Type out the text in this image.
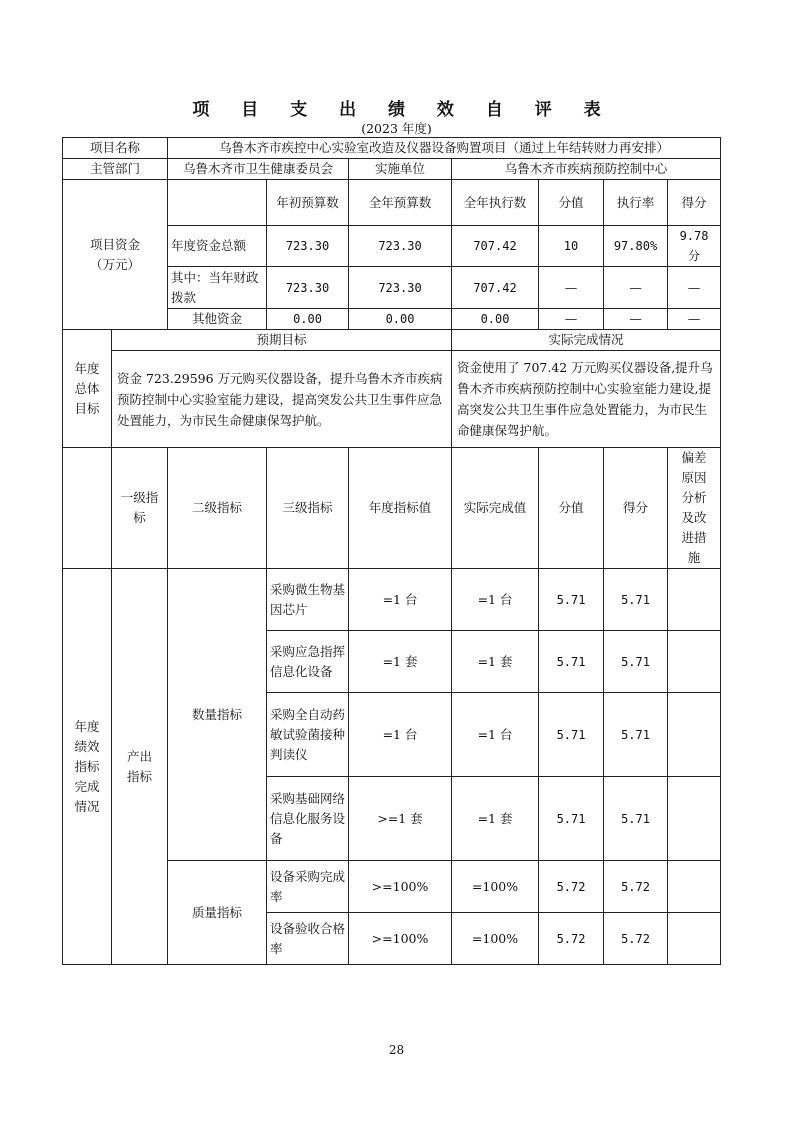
项 目 支 出 绩 效 自 评 表
(2023 年度)
项目名称		乌鲁木齐市疾控中心实验室改造及仪器设备购置项目（通过上年结转财力再安排）						
主管部门		乌鲁木齐市卫生健康委员会		实施单位	乌鲁木齐市疾病预防控制中心			
项目资金
（万元）			年初预算数	全年预算数	全年执行数	分值	执行率	得分
		年度资金总额	723.30	723.30	707.42	10	97.80%	9.78 分
		其中：当年财政拨款	723.30	723.30	707.42	—	—	—
		其他资金	0.00	0.00	0.00	—	—	—
年度总体目标	预期目标				实际完成情况			
	资金 723.29596 万元购买仪器设备，提升乌鲁木齐市疾病预防控制中心实验室能力建设，提高突发公共卫生事件应急处置能力，为市民生命健康保驾护航。				资金使用了 707.42 万元购买仪器设备,提升乌鲁木齐市疾病预防控制中心实验室能力建设,提高突发公共卫生事件应急处置能力，为市民生命健康保驾护航。			
	一级指标	二级指标	三级指标	年度指标值	实际完成值	分值	得分	偏差原因分析及改进措施
年度绩效指标完成情况	产出指标	数量指标	采购微生物基因芯片	=1 台	=1 台	5.71	5.71	
			采购应急指挥信息化设备	=1 套	=1 套	5.71	5.71	
			采购全自动药敏试验菌接种判读仪	=1 台	=1 台	5.71	5.71	
			采购基础网络信息化服务设备	>=1 套	=1 套	5.71	5.71	
		质量指标	设备采购完成率	>=100%	=100%	5.72	5.72	
			设备验收合格率	>=100%	=100%	5.72	5.72	
28
